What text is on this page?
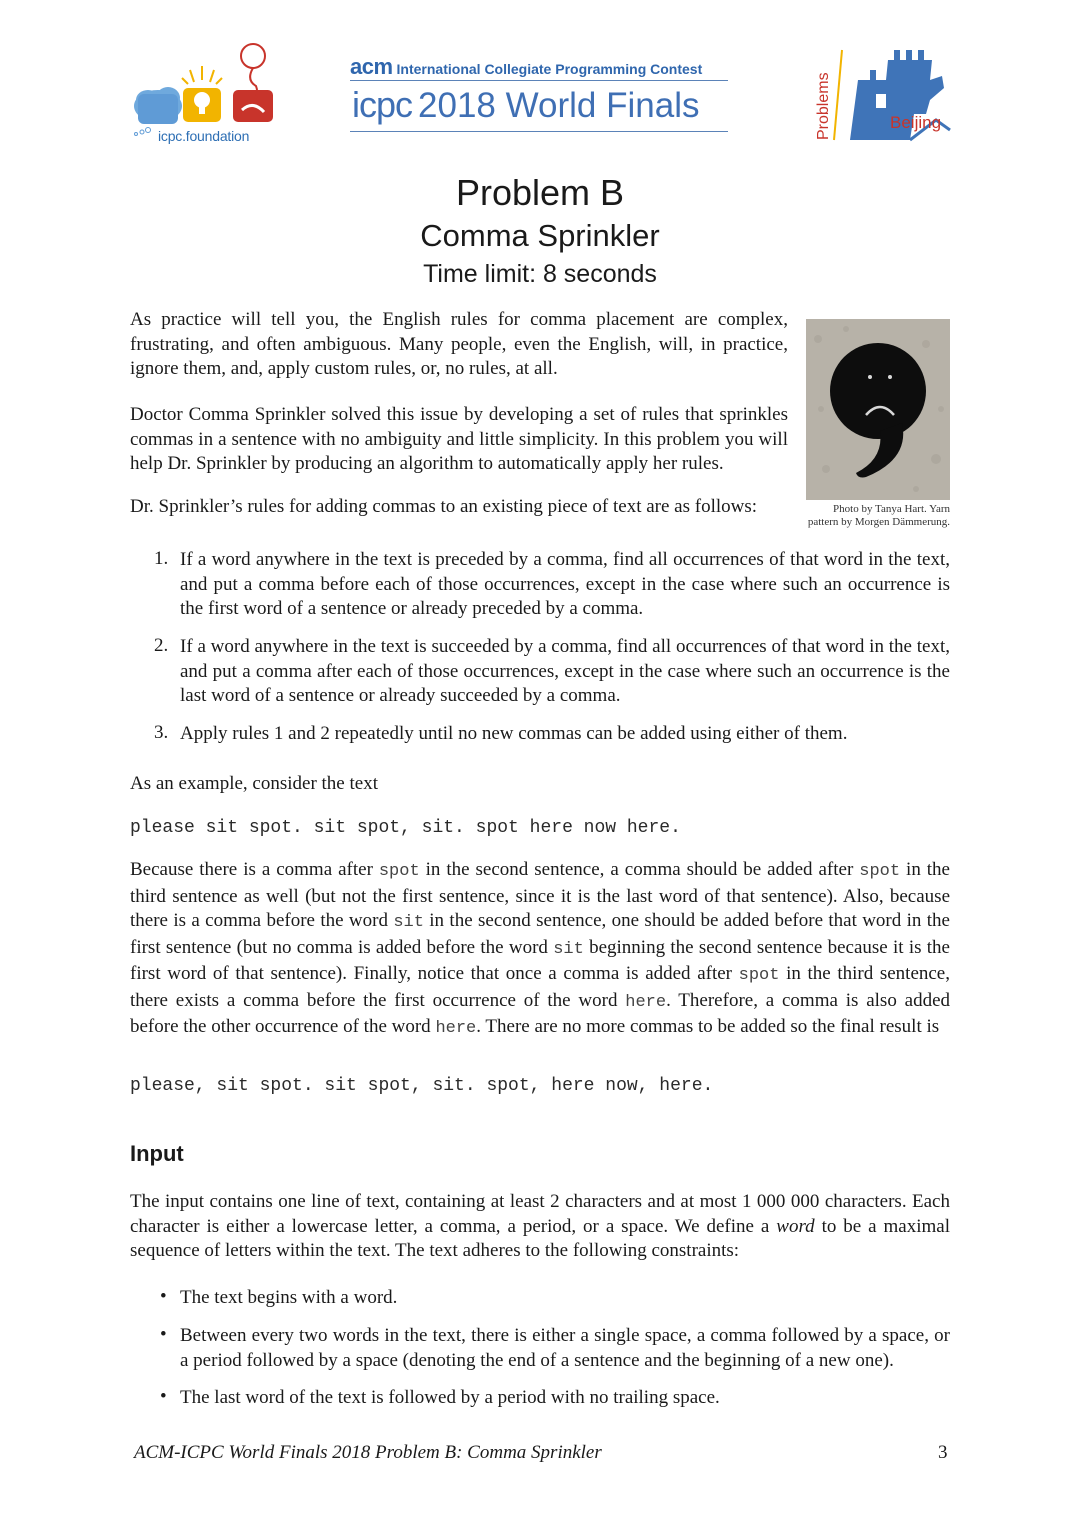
icpc.foundation
acm International Collegiate Programming Contest
icpc 2018 World Finals	Problems	Beijing
Problem B
Comma Sprinkler
Time limit: 8 seconds

As practice will tell you, the English rules for comma placement are complex, frustrating, and often ambiguous. Many people, even the English, will, in practice, ignore them, and, apply custom rules, or, no rules, at all.

Doctor Comma Sprinkler solved this issue by developing a set of rules that sprinkles commas in a sentence with no ambiguity and little simplicity. In this problem you will help Dr. Sprinkler by producing an algorithm to automatically apply her rules.

Dr. Sprinkler’s rules for adding commas to an existing piece of text are as follows:	Photo by Tanya Hart. Yarn
pattern by Morgen Dämmerung.
1. If a word anywhere in the text is preceded by a comma, find all occurrences of that word in the text, and put a comma before each of those occurrences, except in the case where such an occurrence is the first word of a sentence or already preceded by a comma.
2. If a word anywhere in the text is succeeded by a comma, find all occurrences of that word in the text, and put a comma after each of those occurrences, except in the case where such an occurrence is the last word of a sentence or already succeeded by a comma.
3. Apply rules 1 and 2 repeatedly until no new commas can be added using either of them.

As an example, consider the text

please sit spot. sit spot, sit. spot here now here.

Because there is a comma after spot in the second sentence, a comma should be added after spot in the third sentence as well (but not the first sentence, since it is the last word of that sentence). Also, because there is a comma before the word sit in the second sentence, one should be added before that word in the first sentence (but no comma is added before the word sit beginning the second sentence because it is the first word of that sentence). Finally, notice that once a comma is added after spot in the third sentence, there exists a comma before the first occurrence of the word here. Therefore, a comma is also added before the other occurrence of the word here. There are no more commas to be added so the final result is

please, sit spot. sit spot, sit. spot, here now, here.
Input

The input contains one line of text, containing at least 2 characters and at most 1 000 000 characters. Each character is either a lowercase letter, a comma, a period, or a space. We define a word to be a maximal sequence of letters within the text. The text adheres to the following constraints:

• The text begins with a word.
• Between every two words in the text, there is either a single space, a comma followed by a space, or a period followed by a space (denoting the end of a sentence and the beginning of a new one).
• The last word of the text is followed by a period with no trailing space.
ACM-ICPC World Finals 2018 Problem B: Comma Sprinkler	3
